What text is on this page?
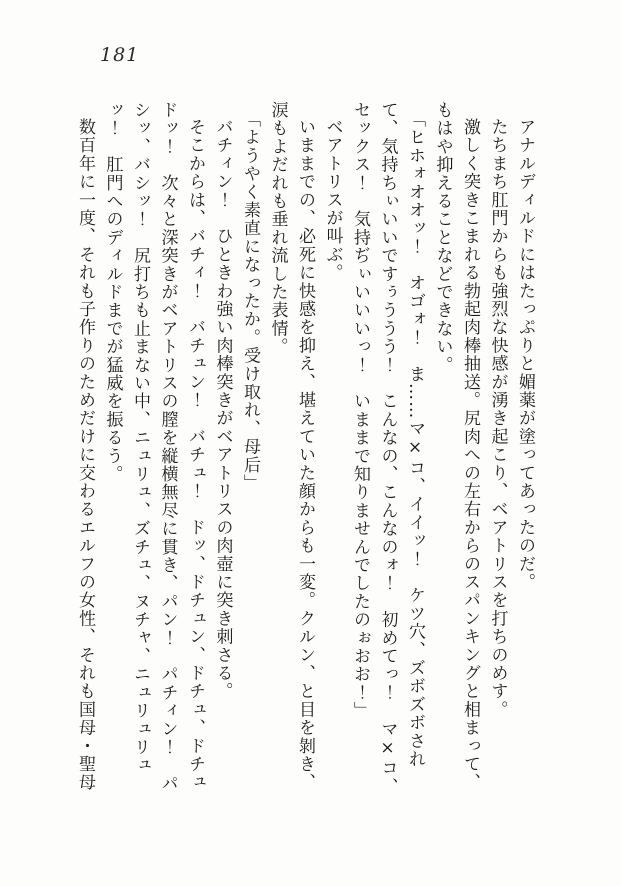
181

アナルディルドにはたっぷりと媚薬が塗ってあったのだ。

たちまち肛門からも強烈な快感が湧き起こり、ベアトリスを打ちのめす。

激しく突きこまれる勃起肉棒抽送。尻肉への左右からのスパンキングと相まって、もはや抑えることなどできない。

「ヒホォオオッ！　オゴォ！　ま……マ×コ、イイッ！　ケツ穴、ズボズボされて、気持ちぃいいですぅううう！　こんなの、こんなのォ！　初めてっ！　マ×コ、セックス！　気持ぢぃいいいっ！　いままで知りませんでしたのぉおお！」

ベアトリスが叫ぶ。

いままでの、必死に快感を抑え、堪えていた顔からも一変。クルン、と目を剝き、涙もよだれも垂れ流した表情。

「ようやく素直になったか。受け取れ、母后」

バチィン！　ひときわ強い肉棒突きがベアトリスの肉壺に突き刺さる。

そこからは、バチィ！　バチュン！　バチュ！　ドッ、ドチュン、ドチュ、ドチュドッ！　次々と深突きがベアトリスの膣を縦横無尽に貫き、パン！　パチィン！　パシッ、バシッ！　尻打ちも止まない中、ニュリュ、ズチュ、ヌチャ、ニュリュリュッ！　肛門へのディルドまでが猛威を振るう。

数百年に一度、それも子作りのためだけに交わるエルフの女性、それも国母・聖母
